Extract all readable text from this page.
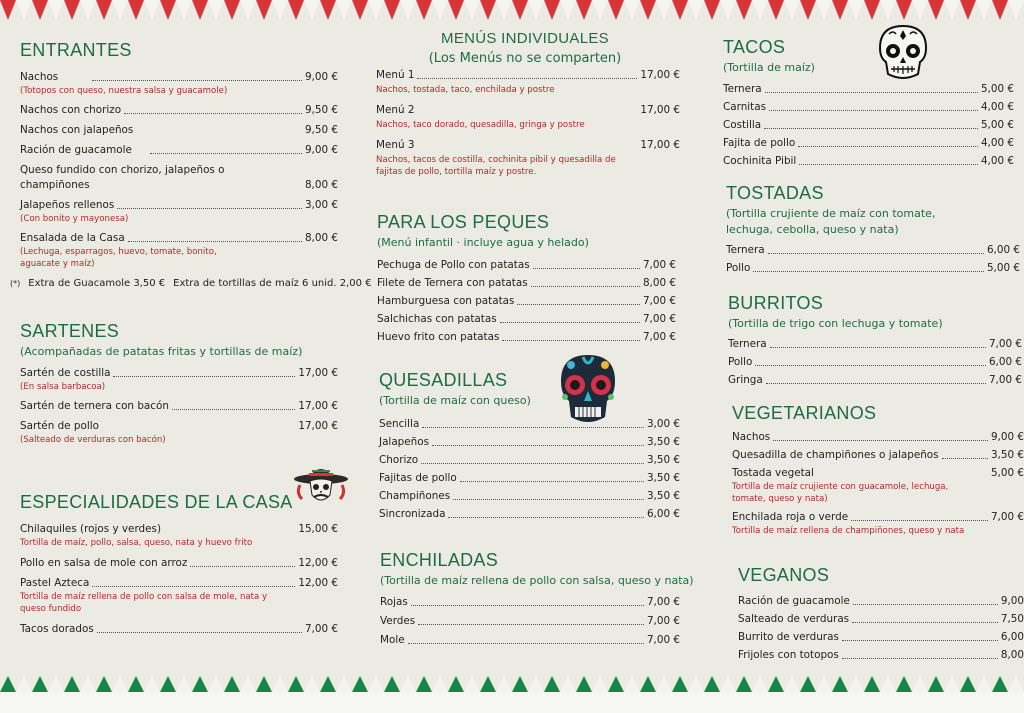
ENTRANTES
Nachos	9,00 €
(Totopos con queso, nuestra salsa y guacamole)
Nachos con chorizo	9,50 €
Nachos con jalapeños	9,50 €
Ración de guacamole	9,00 €
Queso fundido con chorizo, jalapeños o
champiñones	8,00 €
Jalapeños rellenos	3,00 €
(Con bonito y mayonesa)
Ensalada de la Casa	8,00 €
(Lechuga, esparragos, huevo, tomate, bonito, aguacate y maíz)
(*) Extra de Guacamole 3,50 € Extra de tortillas de maíz 6 unid. 2,00 €
SARTENES
(Acompañadas de patatas fritas y tortillas de maíz)
Sartén de costilla	17,00 €
(En salsa barbacoa)
Sartén de ternera con bacón	17,00 €
Sartén de pollo	17,00 €
(Salteado de verduras con bacón)
ESPECIALIDADES DE LA CASA
Chilaquiles (rojos y verdes)	15,00 €
Tortilla de maíz, pollo, salsa, queso, nata y huevo frito
Pollo en salsa de mole con arroz	12,00 €
Pastel Azteca	12,00 €
Tortilla de maíz rellena de pollo con salsa de mole, nata y queso fundido
Tacos dorados	7,00 €
MENÚS INDIVIDUALES
(Los Menús no se comparten)
Menú 1	17,00 €
Nachos, tostada, taco, enchilada y postre
Menú 2	17,00 €
Nachos, taco dorado, quesadilla, gringa y postre
Menú 3	17,00 €
Nachos, tacos de costilla, cochinita pibil y quesadilla de fajitas de pollo, tortilla maíz y postre.
PARA LOS PEQUES
(Menú infantil · incluye agua y helado)
Pechuga de Pollo con patatas	7,00 €
Filete de Ternera con patatas	8,00 €
Hamburguesa con patatas	7,00 €
Salchichas con patatas	7,00 €
Huevo frito con patatas	7,00 €
QUESADILLAS
(Tortilla de maíz con queso)
Sencilla	3,00 €
Jalapeños	3,50 €
Chorizo	3,50 €
Fajitas de pollo	3,50 €
Champiñones	3,50 €
Sincronizada	6,00 €
ENCHILADAS
(Tortilla de maíz rellena de pollo con salsa, queso y nata)
Rojas	7,00 €
Verdes	7,00 €
Mole	7,00 €
TACOS
(Tortilla de maíz)
Ternera	5,00 €
Carnitas	4,00 €
Costilla	5,00 €
Fajita de pollo	4,00 €
Cochinita Pibil	4,00 €
TOSTADAS
(Tortilla crujiente de maíz con tomate,
lechuga, cebolla, queso y nata)
Ternera	6,00 €
Pollo	5,00 €
BURRITOS
(Tortilla de trigo con lechuga y tomate)
Ternera	7,00 €
Pollo	6,00 €
Gringa	7,00 €
VEGETARIANOS
Nachos	9,00 €
Quesadilla de champiñones o jalapeños	3,50 €
Tostada vegetal	5,00 €
Tortilla de maíz crujiente con guacamole, lechuga, tomate, queso y nata)
Enchilada roja o verde	7,00 €
Tortilla de maíz rellena de champiñones, queso y nata
VEGANOS
Ración de guacamole	9,00
Salteado de verduras	7,50
Burrito de verduras	6,00
Frijoles con totopos	8,00
